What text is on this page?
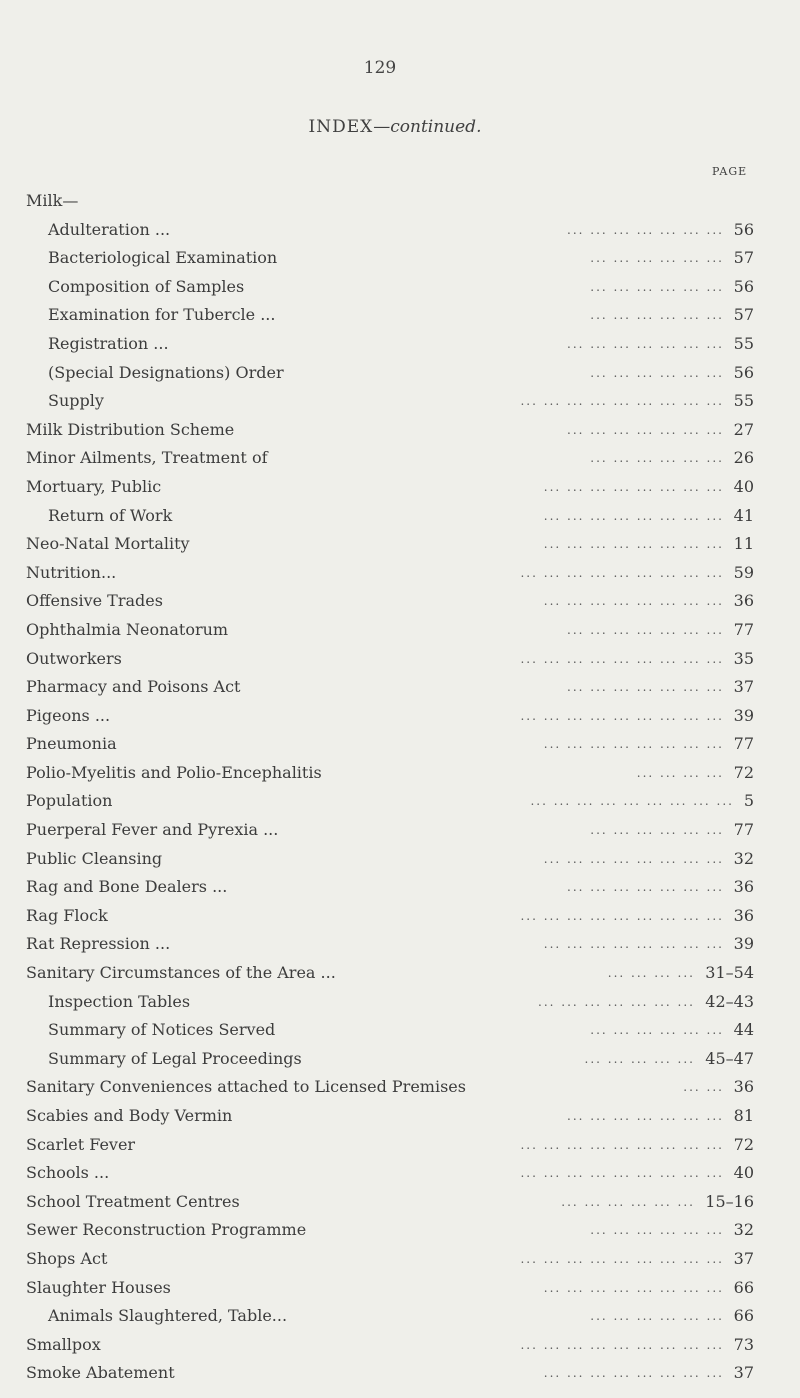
129
INDEX—continued.
PAGE
Milk—
Adulteration ...	... ... ... ... ... ... ... 56
Bacteriological Examination	... ... ... ... ... ... 57
Composition of Samples	... ... ... ... ... ... 56
Examination for Tubercle ...	... ... ... ... ... ... 57
Registration ...	... ... ... ... ... ... ... 55
(Special Designations) Order	... ... ... ... ... ... 56
Supply	... ... ... ... ... ... ... ... ... 55
Milk Distribution Scheme	... ... ... ... ... ... ... 27
Minor Ailments, Treatment of	... ... ... ... ... ... 26
Mortuary, Public	... ... ... ... ... ... ... ... 40
Return of Work	... ... ... ... ... ... ... ... 41
Neo-Natal Mortality	... ... ... ... ... ... ... ... 11
Nutrition...	... ... ... ... ... ... ... ... ... 59
Offensive Trades	... ... ... ... ... ... ... ... 36
Ophthalmia Neonatorum	... ... ... ... ... ... ... 77
Outworkers	... ... ... ... ... ... ... ... ... 35
Pharmacy and Poisons Act	... ... ... ... ... ... ... 37
Pigeons ...	... ... ... ... ... ... ... ... ... 39
Pneumonia	... ... ... ... ... ... ... ... 77
Polio-Myelitis and Polio-Encephalitis	... ... ... ... 72
Population	... ... ... ... ... ... ... ... ... 5
Puerperal Fever and Pyrexia ...	... ... ... ... ... ... 77
Public Cleansing	... ... ... ... ... ... ... ... 32
Rag and Bone Dealers ...	... ... ... ... ... ... ... 36
Rag Flock	... ... ... ... ... ... ... ... ... 36
Rat Repression ...	... ... ... ... ... ... ... ... 39
Sanitary Circumstances of the Area ...	... ... ... ... 31–54
Inspection Tables	... ... ... ... ... ... ... 42–43
Summary of Notices Served	... ... ... ... ... ... 44
Summary of Legal Proceedings	... ... ... ... ... 45–47
Sanitary Conveniences attached to Licensed Premises	... ... 36
Scabies and Body Vermin	... ... ... ... ... ... ... 81
Scarlet Fever	... ... ... ... ... ... ... ... ... 72
Schools ...	... ... ... ... ... ... ... ... ... 40
School Treatment Centres	... ... ... ... ... ... 15–16
Sewer Reconstruction Programme	... ... ... ... ... ... 32
Shops Act	... ... ... ... ... ... ... ... ... 37
Slaughter Houses	... ... ... ... ... ... ... ... 66
Animals Slaughtered, Table...	... ... ... ... ... ... 66
Smallpox	... ... ... ... ... ... ... ... ... 73
Smoke Abatement	... ... ... ... ... ... ... ... 37
